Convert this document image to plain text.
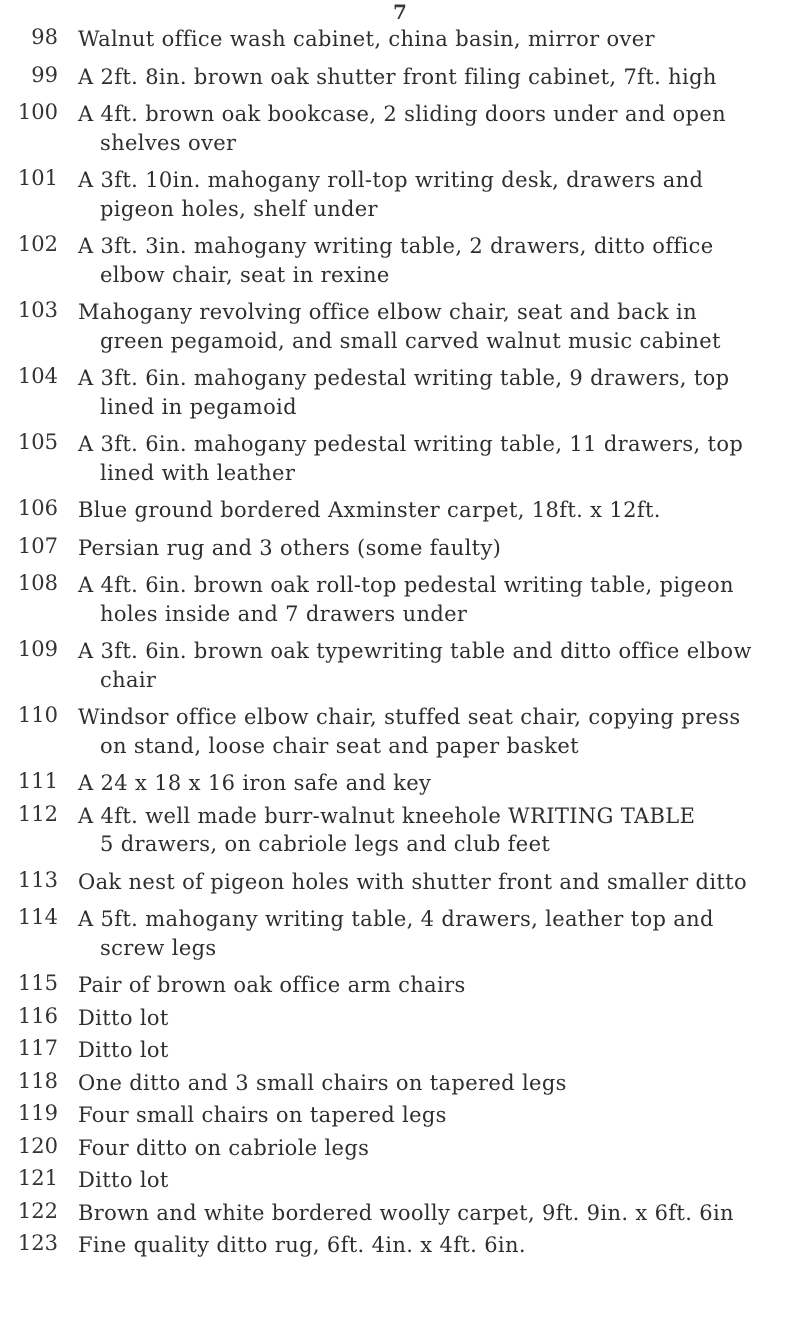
7
98 Walnut office wash cabinet, china basin, mirror over
99 A 2ft. 8in. brown oak shutter front filing cabinet, 7ft. high
100 A 4ft. brown oak bookcase, 2 sliding doors under and open
shelves over
101 A 3ft. 10in. mahogany roll-top writing desk, drawers and
pigeon holes, shelf under
102 A 3ft. 3in. mahogany writing table, 2 drawers, ditto office
elbow chair, seat in rexine
103 Mahogany revolving office elbow chair, seat and back in
green pegamoid, and small carved walnut music cabinet
104 A 3ft. 6in. mahogany pedestal writing table, 9 drawers, top
lined in pegamoid
105 A 3ft. 6in. mahogany pedestal writing table, 11 drawers, top
lined with leather
106 Blue ground bordered Axminster carpet, 18ft. x 12ft.
107 Persian rug and 3 others (some faulty)
108 A 4ft. 6in. brown oak roll-top pedestal writing table, pigeon
holes inside and 7 drawers under
109 A 3ft. 6in. brown oak typewriting table and ditto office elbow
chair
110 Windsor office elbow chair, stuffed seat chair, copying press
on stand, loose chair seat and paper basket
111 A 24 x 18 x 16 iron safe and key
112 A 4ft. well made burr-walnut kneehole WRITING TABLE
5 drawers, on cabriole legs and club feet
113 Oak nest of pigeon holes with shutter front and smaller ditto
114 A 5ft. mahogany writing table, 4 drawers, leather top and
screw legs
115 Pair of brown oak office arm chairs
116 Ditto lot
117 Ditto lot
118 One ditto and 3 small chairs on tapered legs
119 Four small chairs on tapered legs
120 Four ditto on cabriole legs
121 Ditto lot
122 Brown and white bordered woolly carpet, 9ft. 9in. x 6ft. 6in
123 Fine quality ditto rug, 6ft. 4in. x 4ft. 6in.
